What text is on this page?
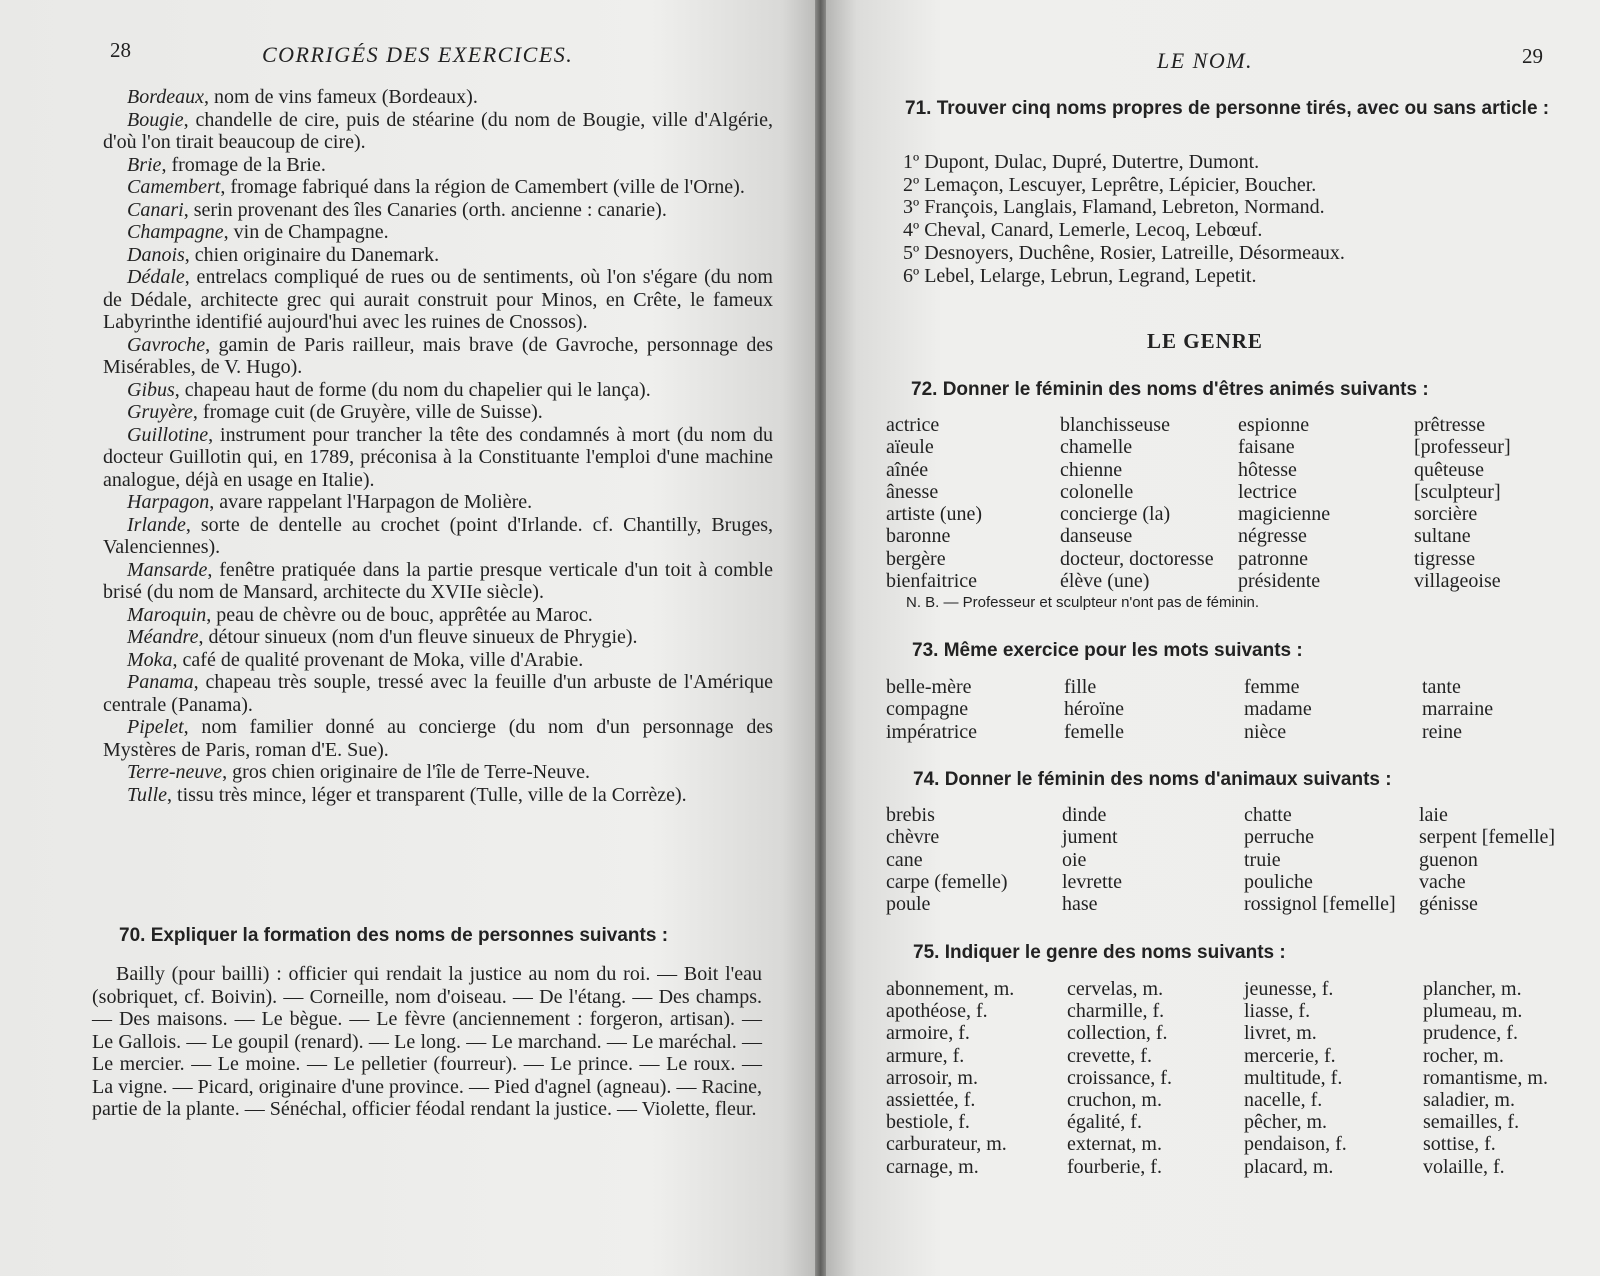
28	CORRIGÉS DES EXERCICES.

Bordeaux, nom de vins fameux (Bordeaux).

Bougie, chandelle de cire, puis de stéarine (du nom de Bougie, ville d'Algérie, d'où l'on tirait beaucoup de cire).

Brie, fromage de la Brie.

Camembert, fromage fabriqué dans la région de Camembert (ville de l'Orne).

Canari, serin provenant des îles Canaries (orth. ancienne : canarie).

Champagne, vin de Champagne.

Danois, chien originaire du Danemark.

Dédale, entrelacs compliqué de rues ou de sentiments, où l'on s'égare (du nom de Dédale, architecte grec qui aurait construit pour Minos, en Crête, le fameux Labyrinthe identifié aujourd'hui avec les ruines de Cnossos).

Gavroche, gamin de Paris railleur, mais brave (de Gavroche, personnage des Misérables, de V. Hugo).

Gibus, chapeau haut de forme (du nom du chapelier qui le lança).

Gruyère, fromage cuit (de Gruyère, ville de Suisse).

Guillotine, instrument pour trancher la tête des condamnés à mort (du nom du docteur Guillotin qui, en 1789, préconisa à la Constituante l'emploi d'une machine analogue, déjà en usage en Italie).

Harpagon, avare rappelant l'Harpagon de Molière.

Irlande, sorte de dentelle au crochet (point d'Irlande. cf. Chantilly, Bruges, Valenciennes).

Mansarde, fenêtre pratiquée dans la partie presque verticale d'un toit à comble brisé (du nom de Mansard, architecte du XVIIe siècle).

Maroquin, peau de chèvre ou de bouc, apprêtée au Maroc.

Méandre, détour sinueux (nom d'un fleuve sinueux de Phrygie).

Moka, café de qualité provenant de Moka, ville d'Arabie.

Panama, chapeau très souple, tressé avec la feuille d'un arbuste de l'Amérique centrale (Panama).

Pipelet, nom familier donné au concierge (du nom d'un personnage des Mystères de Paris, roman d'E. Sue).

Terre-neuve, gros chien originaire de l'île de Terre-Neuve.

Tulle, tissu très mince, léger et transparent (Tulle, ville de la Corrèze).

70. Expliquer la formation des noms de personnes suivants :
Bailly (pour bailli) : officier qui rendait la justice au nom du roi. — Boit l'eau (sobriquet, cf. Boivin). — Corneille, nom d'oiseau. — De l'étang. — Des champs. — Des maisons. — Le bègue. — Le fèvre (anciennement : forgeron, artisan). — Le Gallois. — Le goupil (renard). — Le long. — Le marchand. — Le maréchal. — Le mercier. — Le moine. — Le pelletier (fourreur). — Le prince. — Le roux. — La vigne. — Picard, originaire d'une province. — Pied d'agnel (agneau). — Racine, partie de la plante. — Sénéchal, officier féodal rendant la justice. — Violette, fleur.
LE NOM.	29
71. Trouver cinq noms propres de personne tirés, avec ou sans article :
1º Dupont, Dulac, Dupré, Dutertre, Dumont.
2º Lemaçon, Lescuyer, Leprêtre, Lépicier, Boucher.
3º François, Langlais, Flamand, Lebreton, Normand.
4º Cheval, Canard, Lemerle, Lecoq, Lebœuf.
5º Desnoyers, Duchêne, Rosier, Latreille, Désormeaux.
6º Lebel, Lelarge, Lebrun, Legrand, Lepetit.
LE GENRE
72. Donner le féminin des noms d'êtres animés suivants :
actrice
aïeule
aînée
ânesse
artiste (une)
baronne
bergère
bienfaitrice
blanchisseuse
chamelle
chienne
colonelle
concierge (la)
danseuse
docteur, doctoresse
élève (une)
espionne
faisane
hôtesse
lectrice
magicienne
négresse
patronne
présidente
prêtresse
[professeur]
quêteuse
[sculpteur]
sorcière
sultane
tigresse
villageoise
N. B. — Professeur et sculpteur n'ont pas de féminin.
73. Même exercice pour les mots suivants :
belle-mère
compagne
impératrice
fille
héroïne
femelle
femme
madame
nièce
tante
marraine
reine
74. Donner le féminin des noms d'animaux suivants :
brebis
chèvre
cane
carpe (femelle)
poule
dinde
jument
oie
levrette
hase
chatte
perruche
truie
pouliche
rossignol [femelle]
laie
serpent [femelle]
guenon
vache
génisse
75. Indiquer le genre des noms suivants :
abonnement, m.
apothéose, f.
armoire, f.
armure, f.
arrosoir, m.
assiettée, f.
bestiole, f.
carburateur, m.
carnage, m.
cervelas, m.
charmille, f.
collection, f.
crevette, f.
croissance, f.
cruchon, m.
égalité, f.
externat, m.
fourberie, f.
jeunesse, f.
liasse, f.
livret, m.
mercerie, f.
multitude, f.
nacelle, f.
pêcher, m.
pendaison, f.
placard, m.
plancher, m.
plumeau, m.
prudence, f.
rocher, m.
romantisme, m.
saladier, m.
semailles, f.
sottise, f.
volaille, f.
